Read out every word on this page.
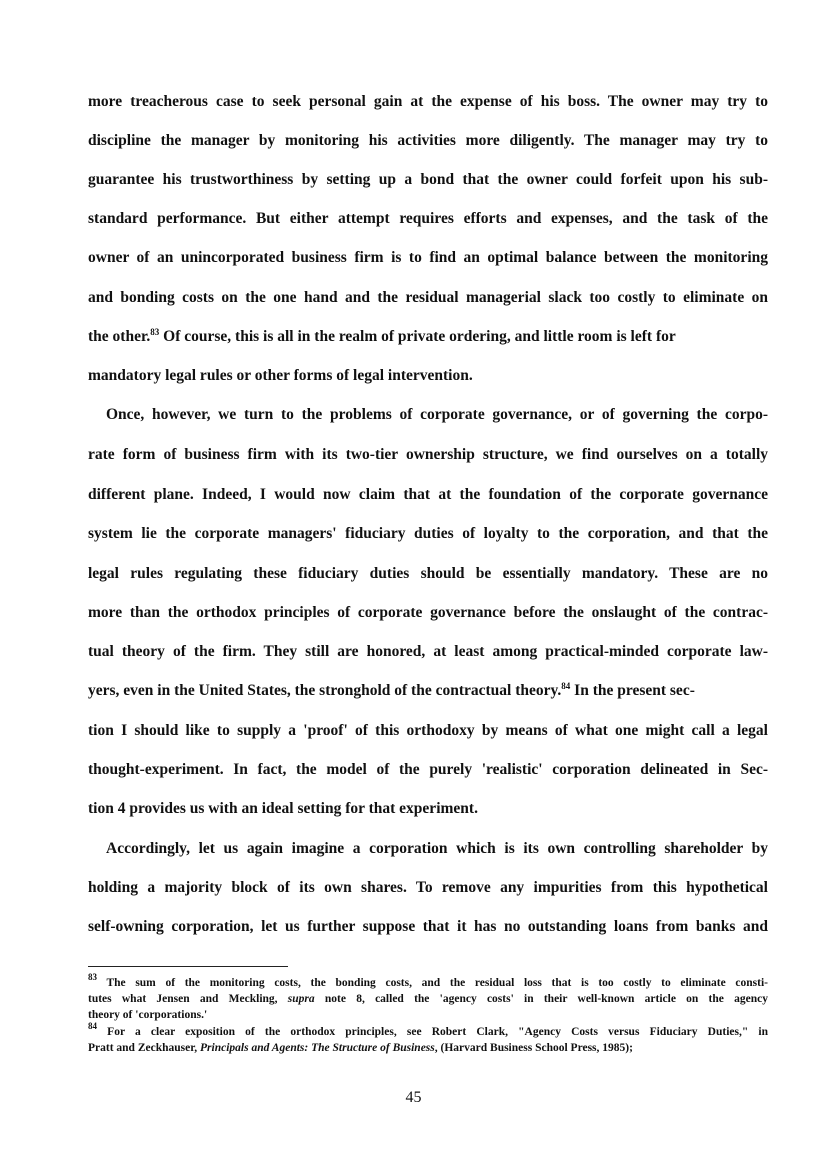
more treacherous case to seek personal gain at the expense of his boss. The owner may try to
discipline the manager by monitoring his activities more diligently. The manager may try to
guarantee his trustworthiness by setting up a bond that the owner could forfeit upon his sub-
standard performance. But either attempt requires efforts and expenses, and the task of the
owner of an unincorporated business firm is to find an optimal balance between the monitoring
and bonding costs on the one hand and the residual managerial slack too costly to eliminate on
the other.$^{83}$ Of course, this is all in the realm of private ordering, and little room is left for
mandatory legal rules or other forms of legal intervention.
Once, however, we turn to the problems of corporate governance, or of governing the corpo-
rate form of business firm with its two-tier ownership structure, we find ourselves on a totally
different plane. Indeed, I would now claim that at the foundation of the corporate governance
system lie the corporate managers' fiduciary duties of loyalty to the corporation, and that the
legal rules regulating these fiduciary duties should be essentially mandatory. These are no
more than the orthodox principles of corporate governance before the onslaught of the contrac-
tual theory of the firm. They still are honored, at least among practical-minded corporate law-
yers, even in the United States, the stronghold of the contractual theory.$^{84}$ In the present sec-
tion I should like to supply a 'proof' of this orthodoxy by means of what one might call a legal
thought-experiment. In fact, the model of the purely 'realistic' corporation delineated in Sec-
tion 4 provides us with an ideal setting for that experiment.
Accordingly, let us again imagine a corporation which is its own controlling shareholder by
holding a majority block of its own shares. To remove any impurities from this hypothetical
self-owning corporation, let us further suppose that it has no outstanding loans from banks and
$^{83}$ The sum of the monitoring costs, the bonding costs, and the residual loss that is too costly to eliminate consti-
tutes what Jensen and Meckling, supra note 8, called the 'agency costs' in their well-known article on the agency
theory of 'corporations.'
$^{84}$ For a clear exposition of the orthodox principles, see Robert Clark, "Agency Costs versus Fiduciary Duties," in
Pratt and Zeckhauser, Principals and Agents: The Structure of Business, (Harvard Business School Press, 1985);
45
